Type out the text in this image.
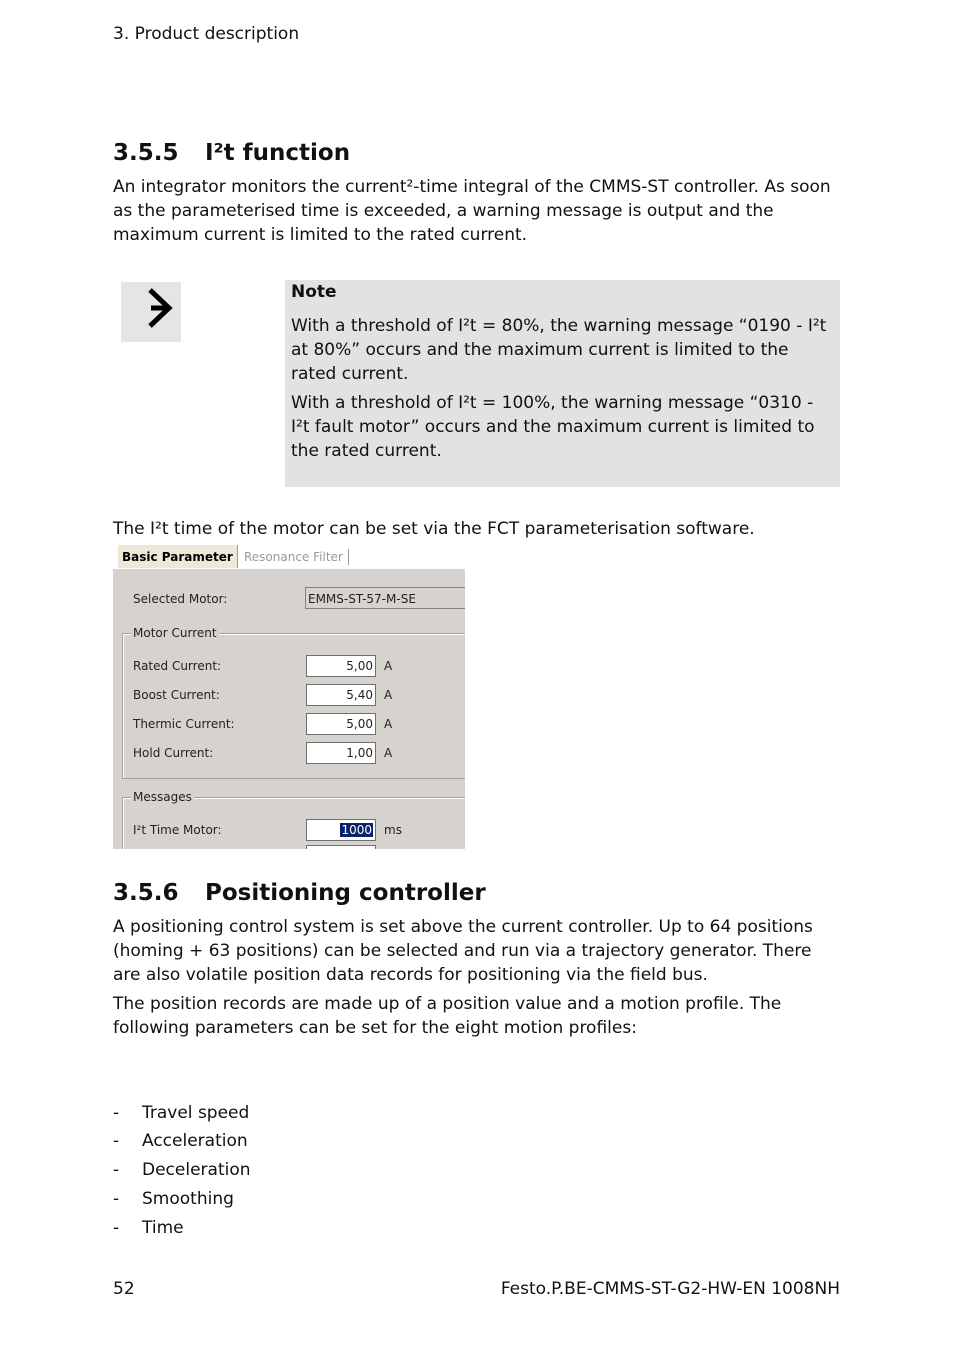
3. Product description
3.5.5 I²t function

An integrator monitors the current²-time integral of the CMMS-ST controller. As soon as the parameterised time is exceeded, a warning message is output and the maximum current is limited to the rated current.

Note

With a threshold of I²t = 80%, the warning message “0190 - I²t at 80%” occurs and the maximum current is limited to the rated current.

With a threshold of I²t = 100%, the warning message “0310 - I²t fault motor” occurs and the maximum current is limited to the rated current.

The I²t time of the motor can be set via the FCT parameterisation software.

Basic Parameter Resonance Filter
Selected Motor:	EMMS-ST-57-M-SE
Motor Current
Rated Current:	5,00 A
Boost Current:	5,40 A
Thermic Current:	5,00 A
Hold Current:	1,00 A
Messages
I²t Time Motor:	1000	ms
3.5.6 Positioning controller

A positioning control system is set above the current controller. Up to 64 positions (homing + 63 positions) can be selected and run via a trajectory generator. There are also volatile position data records for positioning via the field bus.

The position records are made up of a position value and a motion profile. The following parameters can be set for the eight motion profiles:

- Travel speed
- Acceleration
- Deceleration
- Smoothing
- Time
52	Festo.P.BE-CMMS-ST-G2-HW-EN 1008NH
